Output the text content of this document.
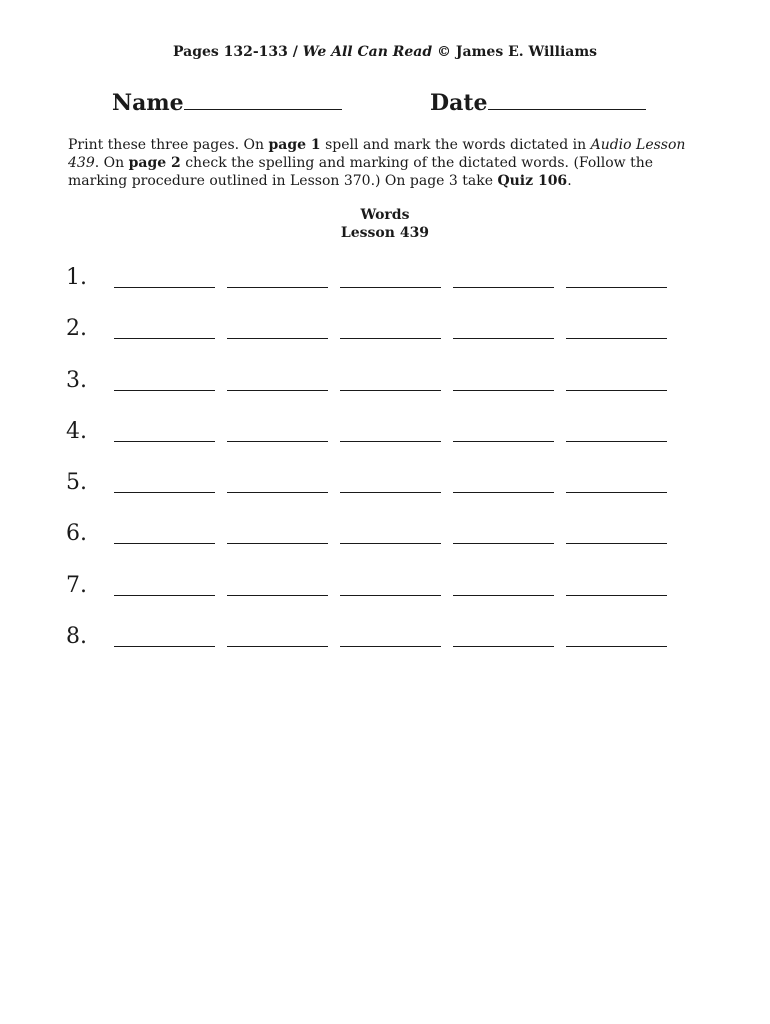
Pages 132-133 / We All Can Read © James E. Williams
Name	Date
Print these three pages. On page 1 spell and mark the words dictated in Audio Lesson 439. On page 2 check the spelling and marking of the dictated words. (Follow the marking procedure outlined in Lesson 370.) On page 3 take Quiz 106.
Words
Lesson 439
1.
2.
3.
4.
5.
6.
7.
8.
